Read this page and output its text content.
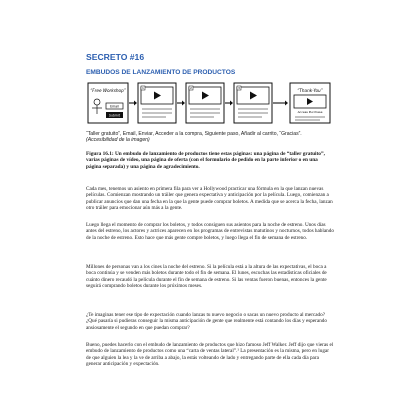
SECRETO #16
EMBUDOS DE LANZAMIENTO DE PRODUCTOS
“Free Workshop”
Email
Submit
1	2	3	“Thank-You”
Access Purchase

“Taller gratuito”, Email, Enviar, Acceder a la compra, Siguiente paso, Añadir al carrito, “Gracias”. (Accesibilidad de la imagen)

Figura 16.1: Un embudo de lanzamiento de productos tiene estas páginas: una página de “taller gratuito”, varias páginas de vídeo, una página de oferta (con el formulario de pedido en la parte inferior o en una página separada) y una página de agradecimiento.

Cada mes, tenemos un asiento en primera fila para ver a Hollywood practicar una fórmula en la que lanzan nuevas películas. Comienzan mostrando un tráiler que genera expectativa y anticipación por la película. Luego, comienzan a publicar anuncios que dan una fecha en la que la gente puede comprar boletos. A medida que se acerca la fecha, lanzan otro tráiler para emocionar aún más a la gente.

Luego llega el momento de comprar los boletos, y todos consiguen sus asientos para la noche de estreno. Unos días antes del estreno, los actores y actrices aparecen en los programas de entrevistas matutinos y nocturnos, todos hablando de la noche de estreno. Esto hace que más gente compre boletos, y luego llega el fin de semana de estreno.

Millones de personas van a los cines la noche del estreno. Si la película está a la altura de las expectativas, el boca a boca continúa y se venden más boletos durante todo el fin de semana. El lunes, escuchas las estadísticas oficiales de cuánto dinero recaudó la película durante el fin de semana de estreno. Si las ventas fueron buenas, entonces la gente seguirá comprando boletos durante los próximos meses.

¿Te imaginas tener ese tipo de expectación cuando lanzas tu nuevo negocio o sacas un nuevo producto al mercado? ¿Qué pasaría si pudieras conseguir la misma anticipación de gente que realmente está contando los días y esperando ansiosamente el segundo en que puedan comprar?

Bueno, puedes hacerlo con el embudo de lanzamiento de productos que hizo famoso Jeff Walker. Jeff dijo que vieras el embudo de lanzamiento de productos como una “carta de ventas lateral”.¹ La presentación es la misma, pero en lugar de que alguien la lea y la ve de arriba a abajo, la estás volteando de lado y entregando parte de ella cada día para generar anticipación y expectación.
